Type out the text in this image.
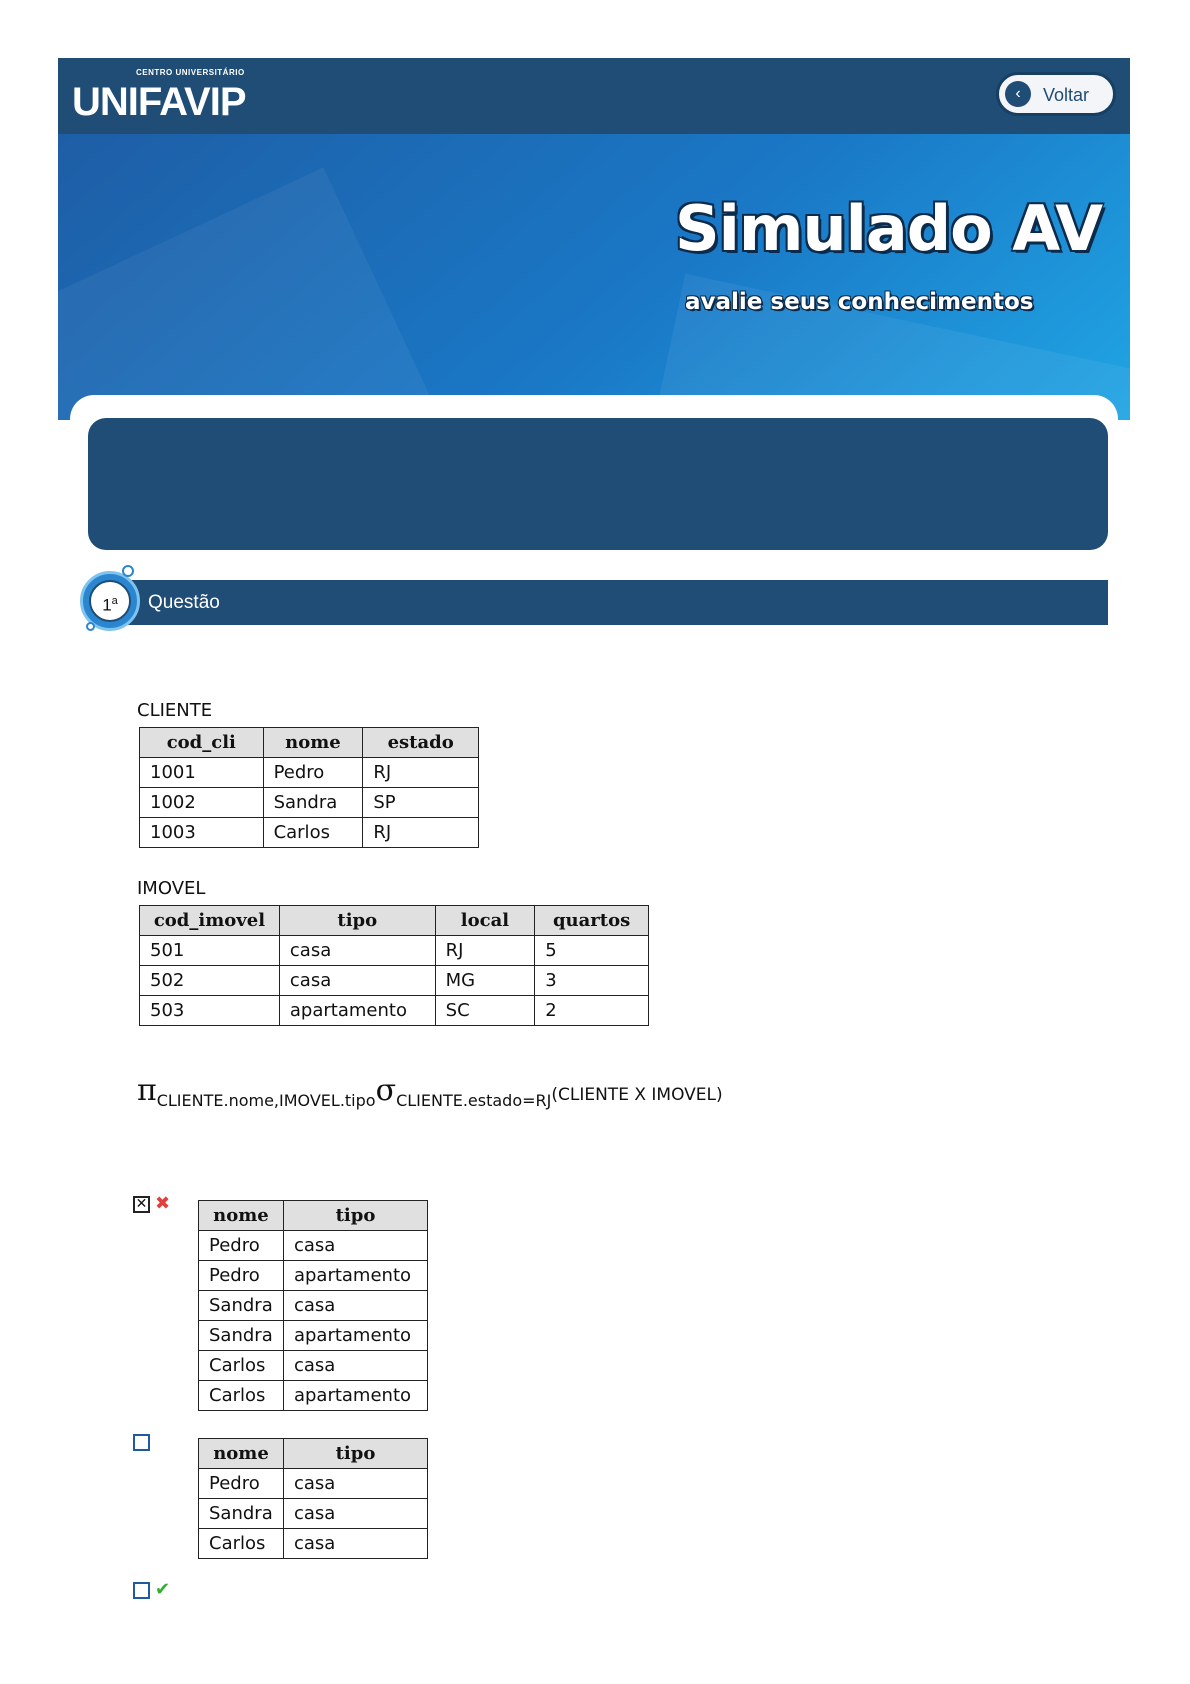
CENTRO UNIVERSITÁRIO
UNIFAVIP	‹	Voltar
Simulado AV
avalie seus conhecimentos
Questão
1$^a$
CLIENTE
cod_cli	nome	estado
1001	Pedro	RJ
1002	Sandra	SP
1003	Carlos	RJ
IMOVEL
cod_imovel	tipo	local	quartos
501	casa	RJ	5
502	casa	MG	3
503	apartamento	SC	2
πCLIENTE.nome,IMOVEL.tipoσCLIENTE.estado=RJ(CLIENTE X IMOVEL)
✕ ✖
nome	tipo
Pedro	casa
Pedro	apartamento
Sandra	casa
Sandra	apartamento
Carlos	casa
Carlos	apartamento
nome	tipo
Pedro	casa
Sandra	casa
Carlos	casa
✔
